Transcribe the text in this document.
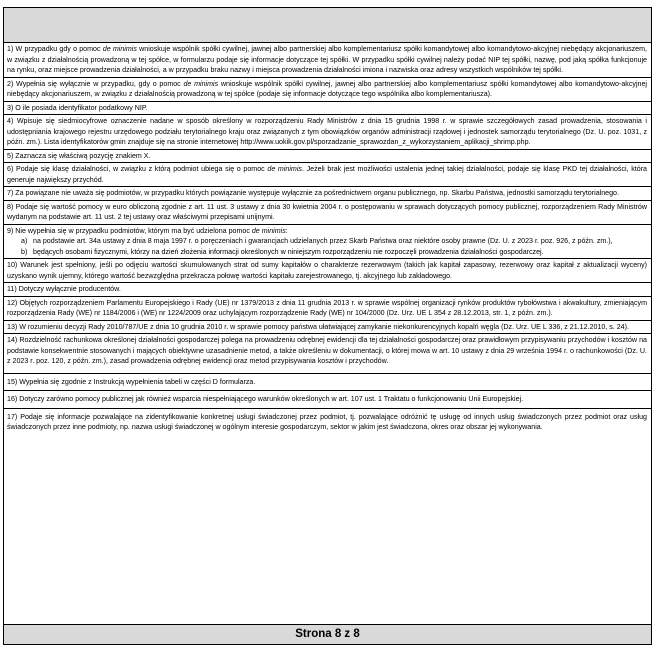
1) W przypadku gdy o pomoc de minimis wnioskuje wspólnik spółki cywilnej, jawnej albo partnerskiej albo komplementariusz spółki komandytowej albo komandytowo-akcyjnej niebędący akcjonariuszem, w związku z działalnością prowadzoną w tej spółce, w formularzu podaje się informacje dotyczące tej spółki. W przypadku spółki cywilnej należy podać NIP tej spółki, nazwę, pod jaką spółka funkcjonuje na rynku, oraz miejsce prowadzenia działalności, a w przypadku braku nazwy i miejsca prowadzenia działalności imiona i nazwiska oraz adresy wszystkich wspólników tej spółki.
2) Wypełnia się wyłącznie w przypadku, gdy o pomoc de minimis wnioskuje wspólnik spółki cywilnej, jawnej albo partnerskiej albo komplementariusz spółki komandytowej albo komandytowo-akcyjnej niebędący akcjonariuszem, w związku z działalnością prowadzoną w tej spółce (podaje się informacje dotyczące tego wspólnika albo komplementariusza).
3) O ile posiada identyfikator podatkowy NIP.
4) Wpisuje się siedmiocyfrowe oznaczenie nadane w sposób określony w rozporządzeniu Rady Ministrów z dnia 15 grudnia 1998 r. w sprawie szczegółowych zasad prowadzenia, stosowania i udostępniania krajowego rejestru urzędowego podziału terytorialnego kraju oraz związanych z tym obowiązków organów administracji rządowej i jednostek samorządu terytorialnego (Dz. U. poz. 1031, z późn. zm.). Lista identyfikatorów gmin znajduje się na stronie internetowej http://www.uokik.gov.pl/sporzadzanie_sprawozdan_z_wykorzystaniem_aplikacji_shrimp.php.
5) Zaznacza się właściwą pozycję znakiem X.
6) Podaje się klasę działalności, w związku z którą podmiot ubiega się o pomoc de minimis. Jeżeli brak jest możliwości ustalenia jednej takiej działalności, podaje się klasę PKD tej działalności, która generuje największy przychód.
7) Za powiązane nie uważa się podmiotów, w przypadku których powiązanie występuje wyłącznie za pośrednictwem organu publicznego, np. Skarbu Państwa, jednostki samorządu terytorialnego.
8) Podaje się wartość pomocy w euro obliczoną zgodnie z art. 11 ust. 3 ustawy z dnia 30 kwietnia 2004 r. o postępowaniu w sprawach dotyczących pomocy publicznej, rozporządzeniem Rady Ministrów wydanym na podstawie art. 11 ust. 2 tej ustawy oraz właściwymi przepisami unijnymi.
9) Nie wypełnia się w przypadku podmiotów, którym ma być udzielona pomoc de minimis:
a) na podstawie art. 34a ustawy z dnia 8 maja 1997 r. o poręczeniach i gwarancjach udzielanych przez Skarb Państwa oraz niektóre osoby prawne (Dz. U. z 2023 r. poz. 926, z późn. zm.),
b) będących osobami fizycznymi, którzy na dzień złożenia informacji określonych w niniejszym rozporządzeniu nie rozpoczęli prowadzenia działalności gospodarczej.
10) Warunek jest spełniony, jeśli po odjęciu wartości skumulowanych strat od sumy kapitałów o charakterze rezerwowym (takich jak kapitał zapasowy, rezerwowy oraz kapitał z aktualizacji wyceny) uzyskano wynik ujemny, którego wartość bezwzględna przekracza połowę wartości kapitału zarejestrowanego, tj. akcyjnego lub zakładowego.
11) Dotyczy wyłącznie producentów.
12) Objętych rozporządzeniem Parlamentu Europejskiego i Rady (UE) nr 1379/2013 z dnia 11 grudnia 2013 r. w sprawie wspólnej organizacji rynków produktów rybołówstwa i akwakultury, zmieniającym rozporządzenia Rady (WE) nr 1184/2006 i (WE) nr 1224/2009 oraz uchylającym rozporządzenie Rady (WE) nr 104/2000 (Dz. Urz. UE L 354 z 28.12.2013, str. 1, z późn. zm.).
13) W rozumieniu decyzji Rady 2010/787/UE z dnia 10 grudnia 2010 r. w sprawie pomocy państwa ułatwiającej zamykanie niekonkurencyjnych kopalń węgla (Dz. Urz. UE L 336, z 21.12.2010, s. 24).
14) Rozdzielność rachunkowa określonej działalności gospodarczej polega na prowadzeniu odrębnej ewidencji dla tej działalności gospodarczej oraz prawidłowym przypisywaniu przychodów i kosztów na podstawie konsekwentnie stosowanych i mających obiektywne uzasadnienie metod, a także określeniu w dokumentacji, o której mowa w art. 10 ustawy z dnia 29 września 1994 r. o rachunkowości (Dz. U. z 2023 r. poz. 120, z późn. zm.), zasad prowadzenia odrębnej ewidencji oraz metod przypisywania kosztów i przychodów.
15) Wypełnia się zgodnie z Instrukcją wypełnienia tabeli w części D formularza.
16) Dotyczy zarówno pomocy publicznej jak również wsparcia niespełniającego warunków określonych w art. 107 ust. 1 Traktatu o funkcjonowaniu Unii Europejskiej.
17) Podaje się informacje pozwalające na zidentyfikowanie konkretnej usługi świadczonej przez podmiot, tj. pozwalające odróżnić tę usługę od innych usług świadczonych przez podmiot oraz usług świadczonych przez inne podmioty, np. nazwa usługi świadczonej w ogólnym interesie gospodarczym, sektor w jakim jest świadczona, okres oraz obszar jej wykonywania.
Strona 8 z 8
